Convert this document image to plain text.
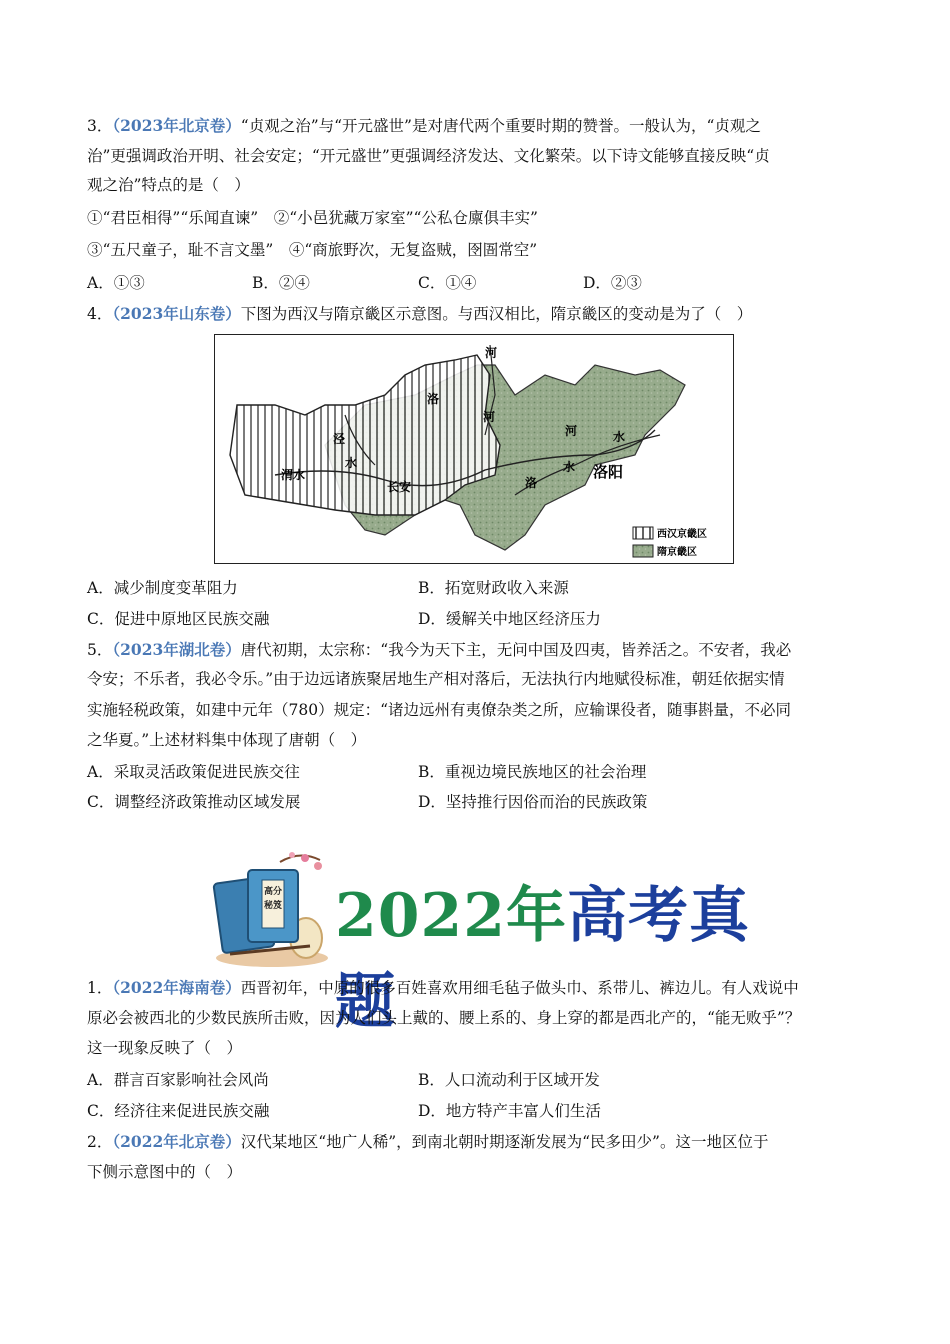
3．（2023年北京卷）“贞观之治”与“开元盛世”是对唐代两个重要时期的赞誉。一般认为，“贞观之
治”更强调政治开明、社会安定；“开元盛世”更强调经济发达、文化繁荣。以下诗文能够直接反映“贞
观之治”特点的是（　）
①“君臣相得”“乐闻直谏”　②“小邑犹藏万家室”“公私仓廪俱丰实”
③“五尺童子，耻不言文墨”　④“商旅野次，无复盗贼，囹圄常空”
A．①③	B．②④	C．①④	D．②③
4．（2023年山东卷）下图为西汉与隋京畿区示意图。与西汉相比，隋京畿区的变动是为了（　）
河
洛
泾
渭水
水
长安
河
河	水
洛
水 洛阳
西汉京畿区
隋京畿区
A．减少制度变革阻力	B．拓宽财政收入来源
C．促进中原地区民族交融	D．缓解关中地区经济压力
5．（2023年湖北卷）唐代初期，太宗称：“我今为天下主，无问中国及四夷，皆养活之。不安者，我必
令安；不乐者，我必令乐。”由于边远诸族聚居地生产相对落后，无法执行内地赋役标准，朝廷依据实情
实施轻税政策，如建中元年（780）规定：“诸边远州有夷僚杂类之所，应输课役者，随事斟量，不必同
之华夏。”上述材料集中体现了唐朝（　）
A．采取灵活政策促进民族交往	B．重视边境民族地区的社会治理
C．调整经济政策推动区域发展	D．坚持推行因俗而治的民族政策
高分
秘笈 2022年高考真题
1．（2022年海南卷）西晋初年，中原的很多百姓喜欢用细毛毡子做头巾、系带儿、裤边儿。有人戏说中
原必会被西北的少数民族所击败，因为人们头上戴的、腰上系的、身上穿的都是西北产的，“能无败乎”？
这一现象反映了（　）
A．群言百家影响社会风尚	B．人口流动利于区域开发
C．经济往来促进民族交融	D．地方特产丰富人们生活
2．（2022年北京卷）汉代某地区“地广人稀”，到南北朝时期逐渐发展为“民多田少”。这一地区位于
下侧示意图中的（　）
